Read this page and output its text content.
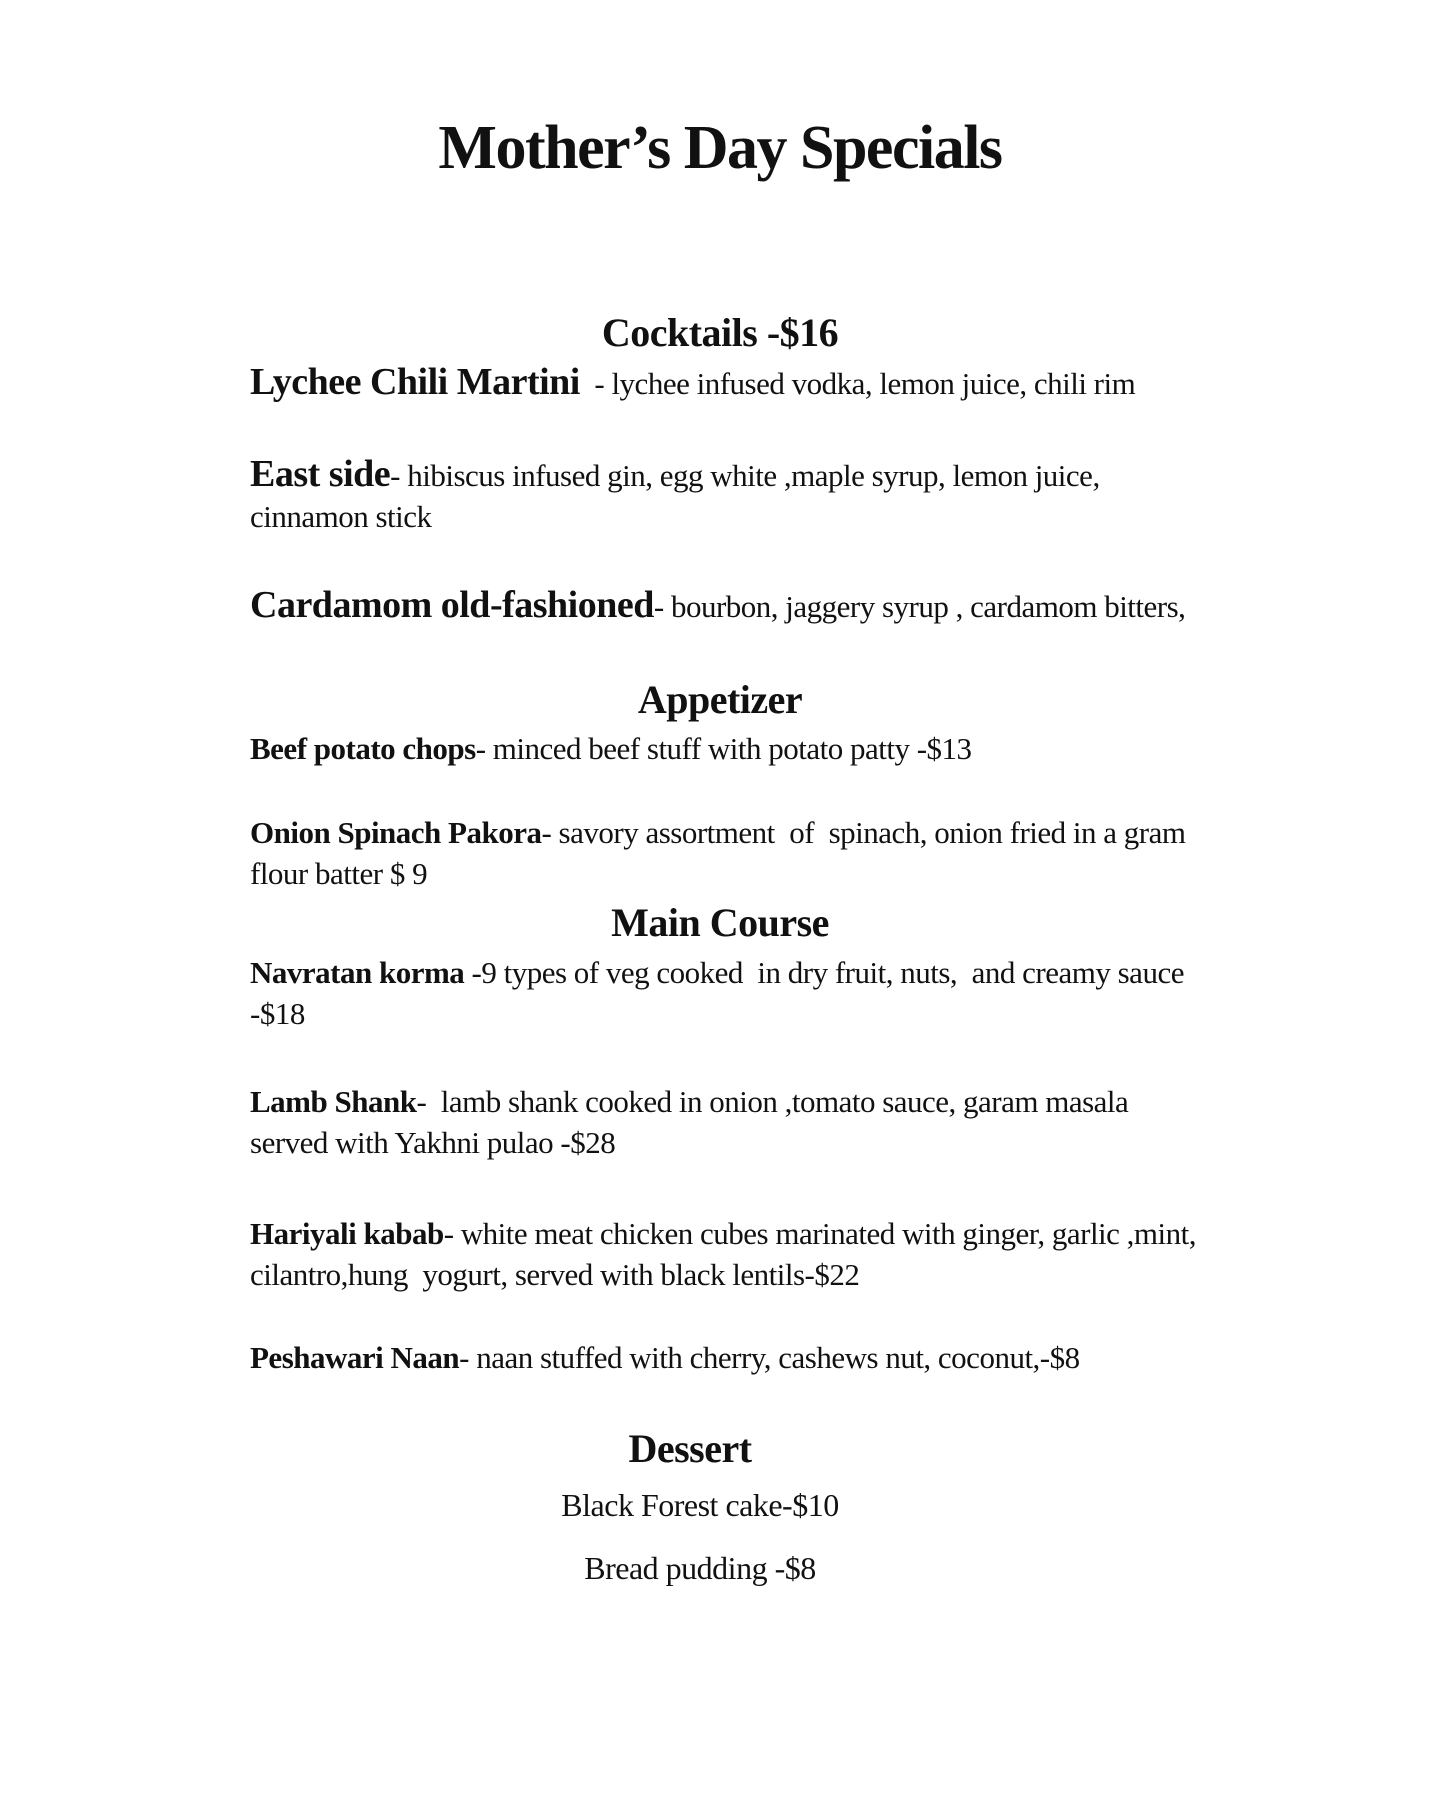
Mother’s Day Specials
Cocktails -$16

Lychee Chili Martini  - lychee infused vodka, lemon juice, chili rim

East side- hibiscus infused gin, egg white ,maple syrup, lemon juice, cinnamon stick

Cardamom old-fashioned- bourbon, jaggery syrup , cardamom bitters,

Appetizer

Beef potato chops- minced beef stuff with potato patty -$13

Onion Spinach Pakora- savory assortment  of  spinach, onion fried in a gram flour batter $ 9

Main Course

Navratan korma -9 types of veg cooked  in dry fruit, nuts,  and creamy sauce -$18

Lamb Shank-  lamb shank cooked in onion ,tomato sauce, garam masala served with Yakhni pulao -$28

Hariyali kabab- white meat chicken cubes marinated with ginger, garlic ,mint, cilantro,hung  yogurt, served with black lentils-$22

Peshawari Naan- naan stuffed with cherry, cashews nut, coconut,-$8

Dessert

Black Forest cake-$10

Bread pudding -$8
